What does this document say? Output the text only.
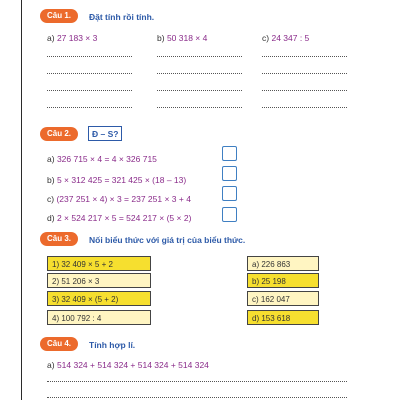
Câu 1.	Đặt tính rồi tính.
a) 27 183 × 3	b) 50 318 × 4	c) 24 347 : 5
Câu 2.	Đ – S?
a) 326 715 × 4 = 4 × 326 715
b) 5 × 312 425 = 321 425 × (18 – 13)
c) (237 251 × 4) × 3 = 237 251 × 3 + 4
d) 2 × 524 217 × 5 = 524 217 × (5 × 2)
Câu 3.	Nối biểu thức với giá trị của biểu thức.
1) 32 409 × 5 + 2
2) 51 206 × 3
3) 32 409 × (5 + 2)
4) 100 792 : 4
a) 226 863
b) 25 198
c) 162 047
d) 153 618
Câu 4.	Tính hợp lí.
a) 514 324 + 514 324 + 514 324 + 514 324
